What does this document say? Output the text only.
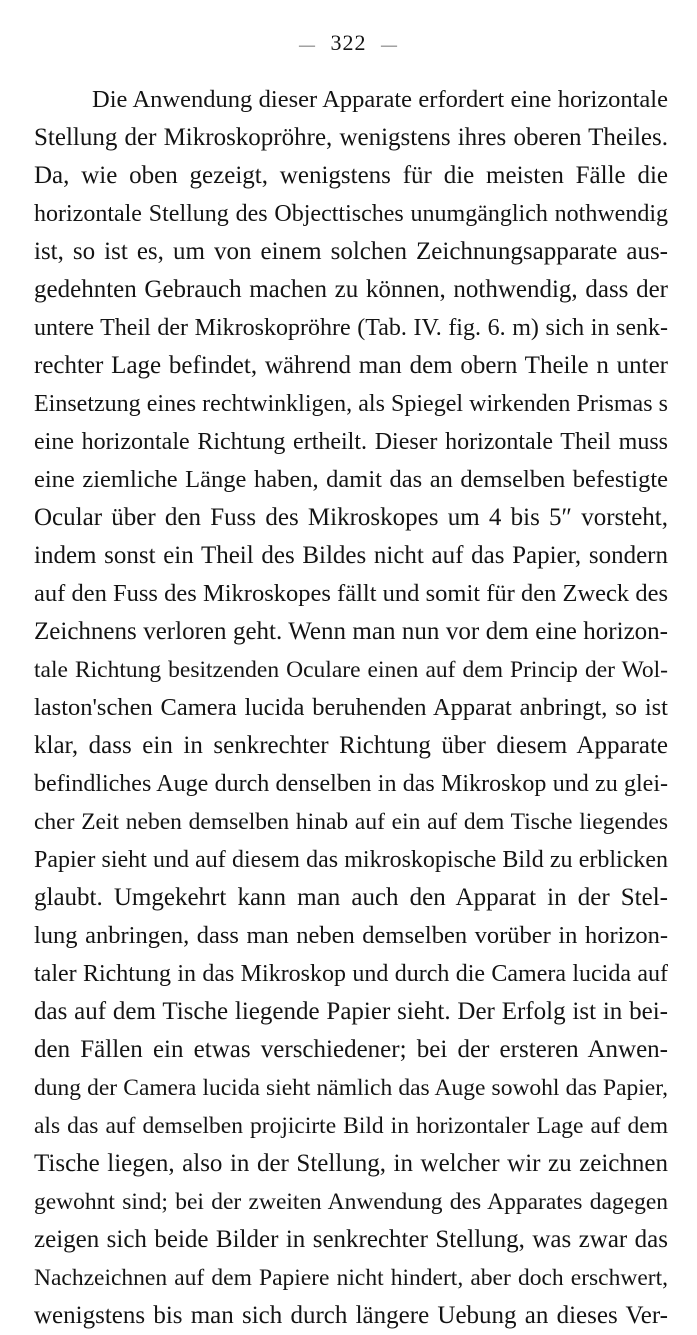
— 322 —
Die Anwendung dieser Apparate erfordert eine horizontale
Stellung der Mikroskopröhre, wenigstens ihres oberen Theiles.
Da, wie oben gezeigt, wenigstens für die meisten Fälle die
horizontale Stellung des Objecttisches unumgänglich nothwendig
ist, so ist es, um von einem solchen Zeichnungsapparate aus-
gedehnten Gebrauch machen zu können, nothwendig, dass der
untere Theil der Mikroskopröhre (Tab. IV. fig. 6. m) sich in senk-
rechter Lage befindet, während man dem obern Theile n unter
Einsetzung eines rechtwinkligen, als Spiegel wirkenden Prismas s
eine horizontale Richtung ertheilt. Dieser horizontale Theil muss
eine ziemliche Länge haben, damit das an demselben befestigte
Ocular über den Fuss des Mikroskopes um 4 bis 5″ vorsteht,
indem sonst ein Theil des Bildes nicht auf das Papier, sondern
auf den Fuss des Mikroskopes fällt und somit für den Zweck des
Zeichnens verloren geht. Wenn man nun vor dem eine horizon-
tale Richtung besitzenden Oculare einen auf dem Princip der Wol-
laston'schen Camera lucida beruhenden Apparat anbringt, so ist
klar, dass ein in senkrechter Richtung über diesem Apparate
befindliches Auge durch denselben in das Mikroskop und zu glei-
cher Zeit neben demselben hinab auf ein auf dem Tische liegendes
Papier sieht und auf diesem das mikroskopische Bild zu erblicken
glaubt. Umgekehrt kann man auch den Apparat in der Stel-
lung anbringen, dass man neben demselben vorüber in horizon-
taler Richtung in das Mikroskop und durch die Camera lucida auf
das auf dem Tische liegende Papier sieht. Der Erfolg ist in bei-
den Fällen ein etwas verschiedener; bei der ersteren Anwen-
dung der Camera lucida sieht nämlich das Auge sowohl das Papier,
als das auf demselben projicirte Bild in horizontaler Lage auf dem
Tische liegen, also in der Stellung, in welcher wir zu zeichnen
gewohnt sind; bei der zweiten Anwendung des Apparates dagegen
zeigen sich beide Bilder in senkrechter Stellung, was zwar das
Nachzeichnen auf dem Papiere nicht hindert, aber doch erschwert,
wenigstens bis man sich durch längere Uebung an dieses Ver-
